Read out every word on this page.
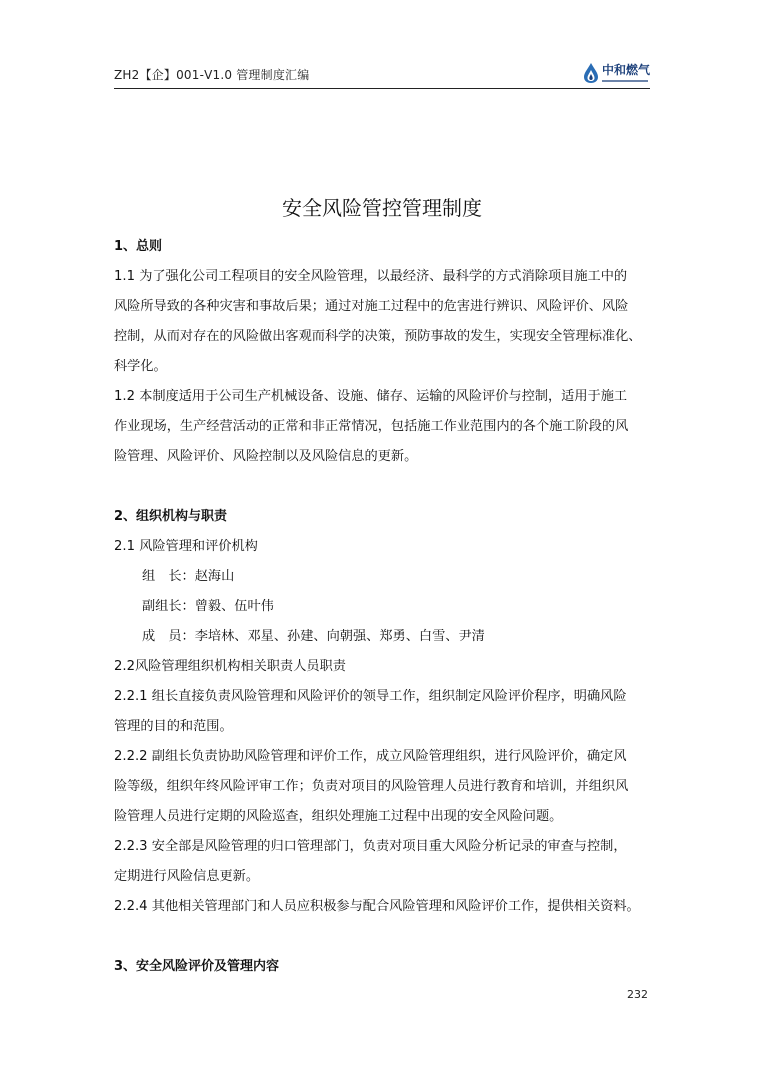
ZH2【企】001-V1.0 管理制度汇编	中和燃气
安全风险管控管理制度
1、总则
1.1 为了强化公司工程项目的安全风险管理，以最经济、最科学的方式消除项目施工中的
风险所导致的各种灾害和事故后果；通过对施工过程中的危害进行辨识、风险评价、风险
控制，从而对存在的风险做出客观而科学的决策，预防事故的发生，实现安全管理标准化、
科学化。
1.2 本制度适用于公司生产机械设备、设施、储存、运输的风险评价与控制，适用于施工
作业现场，生产经营活动的正常和非正常情况，包括施工作业范围内的各个施工阶段的风
险管理、风险评价、风险控制以及风险信息的更新。
2、组织机构与职责
2.1 风险管理和评价机构
组　长：赵海山
副组长：曾毅、伍叶伟
成　员：李培林、邓星、孙建、向朝强、郑勇、白雪、尹清
2.2风险管理组织机构相关职责人员职责
2.2.1 组长直接负责风险管理和风险评价的领导工作，组织制定风险评价程序，明确风险
管理的目的和范围。
2.2.2 副组长负责协助风险管理和评价工作，成立风险管理组织，进行风险评价，确定风
险等级，组织年终风险评审工作；负责对项目的风险管理人员进行教育和培训，并组织风
险管理人员进行定期的风险巡查，组织处理施工过程中出现的安全风险问题。
2.2.3 安全部是风险管理的归口管理部门，负责对项目重大风险分析记录的审查与控制，
定期进行风险信息更新。
2.2.4 其他相关管理部门和人员应积极参与配合风险管理和风险评价工作，提供相关资料。
3、安全风险评价及管理内容
232
